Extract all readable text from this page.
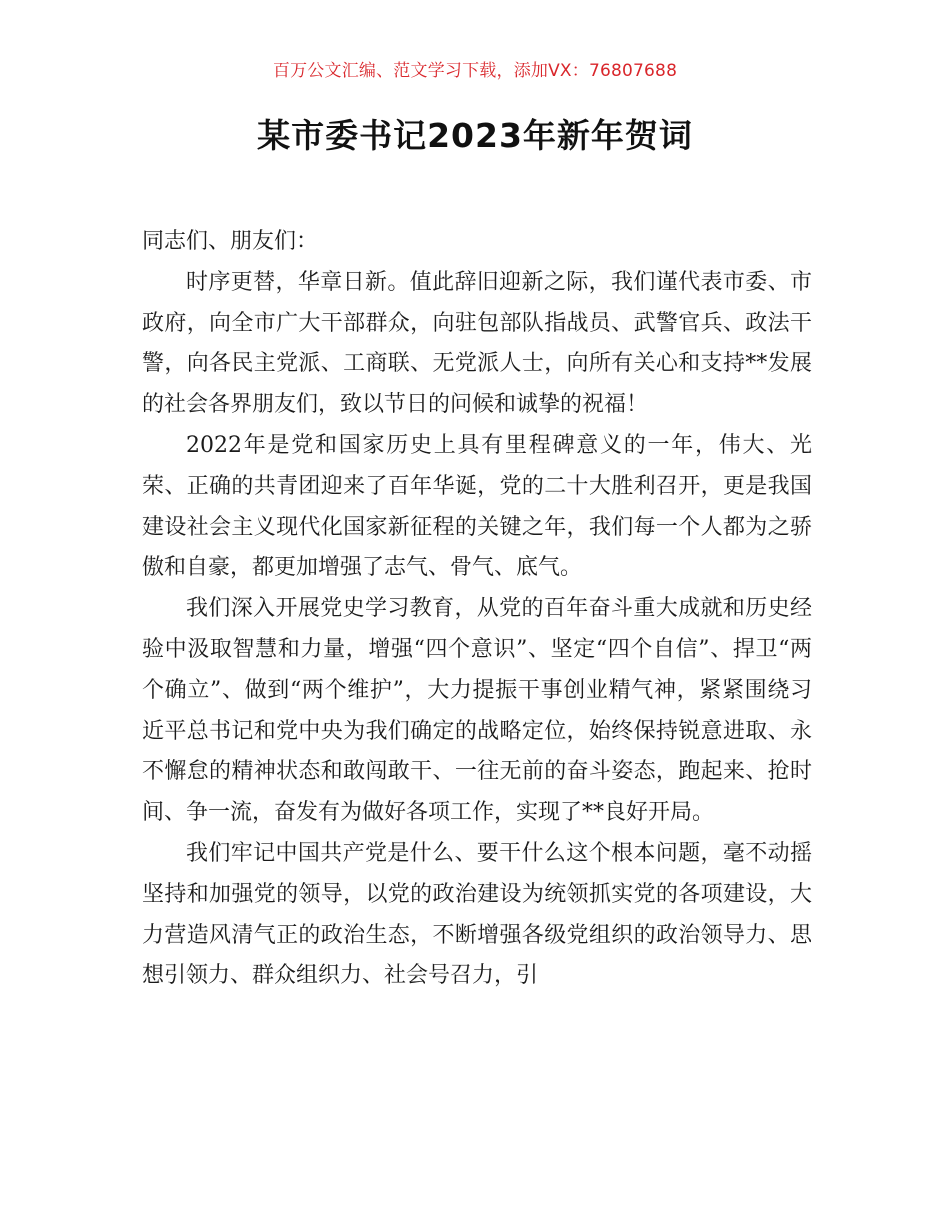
百万公文汇编、范文学习下载，添加VX：76807688
某市委书记2023年新年贺词

同志们、朋友们：

时序更替，华章日新。值此辞旧迎新之际，我们谨代表市委、市政府，向全市广大干部群众，向驻包部队指战员、武警官兵、政法干警，向各民主党派、工商联、无党派人士，向所有关心和支持**发展的社会各界朋友们，致以节日的问候和诚挚的祝福！

2022年是党和国家历史上具有里程碑意义的一年，伟大、光荣、正确的共青团迎来了百年华诞，党的二十大胜利召开，更是我国建设社会主义现代化国家新征程的关键之年，我们每一个人都为之骄傲和自豪，都更加增强了志气、骨气、底气。

我们深入开展党史学习教育，从党的百年奋斗重大成就和历史经验中汲取智慧和力量，增强“四个意识”、坚定“四个自信”、捍卫“两个确立”、做到“两个维护”，大力提振干事创业精气神，紧紧围绕习近平总书记和党中央为我们确定的战略定位，始终保持锐意进取、永不懈怠的精神状态和敢闯敢干、一往无前的奋斗姿态，跑起来、抢时间、争一流，奋发有为做好各项工作，实现了**良好开局。

我们牢记中国共产党是什么、要干什么这个根本问题，毫不动摇坚持和加强党的领导，以党的政治建设为统领抓实党的各项建设，大力营造风清气正的政治生态，不断增强各级党组织的政治领导力、思想引领力、群众组织力、社会号召力，引
